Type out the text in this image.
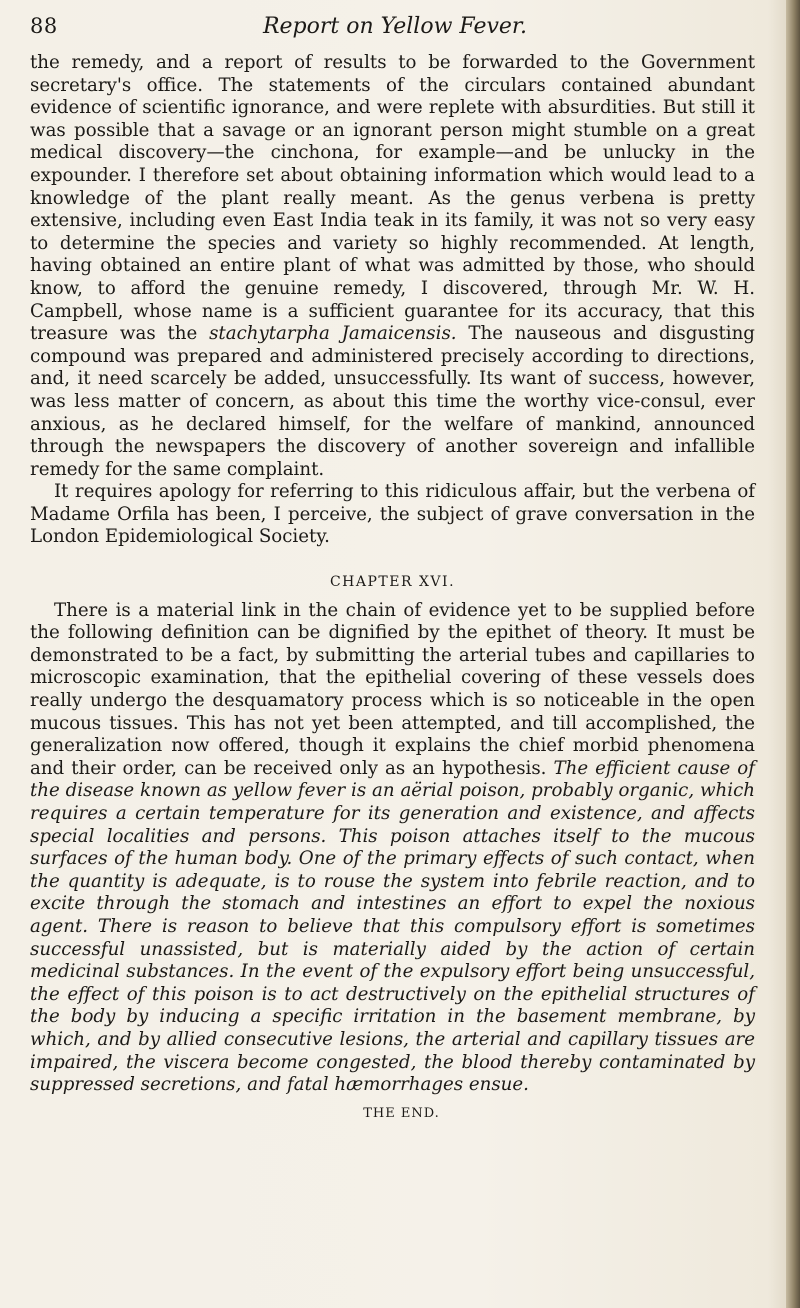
88	Report on Yellow Fever.

the remedy, and a report of results to be forwarded to the Government secretary's office. The statements of the circulars contained abundant evidence of scientific ignorance, and were replete with absurdities. But still it was possible that a savage or an ignorant person might stumble on a great medical discovery—the cinchona, for example—and be unlucky in the expounder. I therefore set about obtaining information which would lead to a knowledge of the plant really meant. As the genus verbena is pretty extensive, including even East India teak in its family, it was not so very easy to determine the species and variety so highly recommended. At length, having obtained an entire plant of what was admitted by those, who should know, to afford the genuine remedy, I discovered, through Mr. W. H. Campbell, whose name is a sufficient guarantee for its accuracy, that this treasure was the stachytarpha Jamaicensis. The nauseous and disgusting compound was prepared and administered precisely according to directions, and, it need scarcely be added, unsuccessfully. Its want of success, however, was less matter of concern, as about this time the worthy vice-consul, ever anxious, as he declared himself, for the welfare of mankind, announced through the newspapers the discovery of another sovereign and infallible remedy for the same complaint.

It requires apology for referring to this ridiculous affair, but the verbena of Madame Orfila has been, I perceive, the subject of grave conversation in the London Epidemiological Society.

CHAPTER XVI.

There is a material link in the chain of evidence yet to be supplied before the following definition can be dignified by the epithet of theory. It must be demonstrated to be a fact, by submitting the arterial tubes and capillaries to microscopic examination, that the epithelial covering of these vessels does really undergo the desquamatory process which is so noticeable in the open mucous tissues. This has not yet been attempted, and till accomplished, the generalization now offered, though it explains the chief morbid phenomena and their order, can be received only as an hypothesis. The efficient cause of the disease known as yellow fever is an aërial poison, probably organic, which requires a certain temperature for its generation and existence, and affects special localities and persons. This poison attaches itself to the mucous surfaces of the human body. One of the primary effects of such contact, when the quantity is adequate, is to rouse the system into febrile reaction, and to excite through the stomach and intestines an effort to expel the noxious agent. There is reason to believe that this compulsory effort is sometimes successful unassisted, but is materially aided by the action of certain medicinal substances. In the event of the expulsory effort being unsuccessful, the effect of this poison is to act destructively on the epithelial structures of the body by inducing a specific irritation in the basement membrane, by which, and by allied consecutive lesions, the arterial and capillary tissues are impaired, the viscera become congested, the blood thereby contaminated by suppressed secretions, and fatal hæmorrhages ensue.

THE END.
